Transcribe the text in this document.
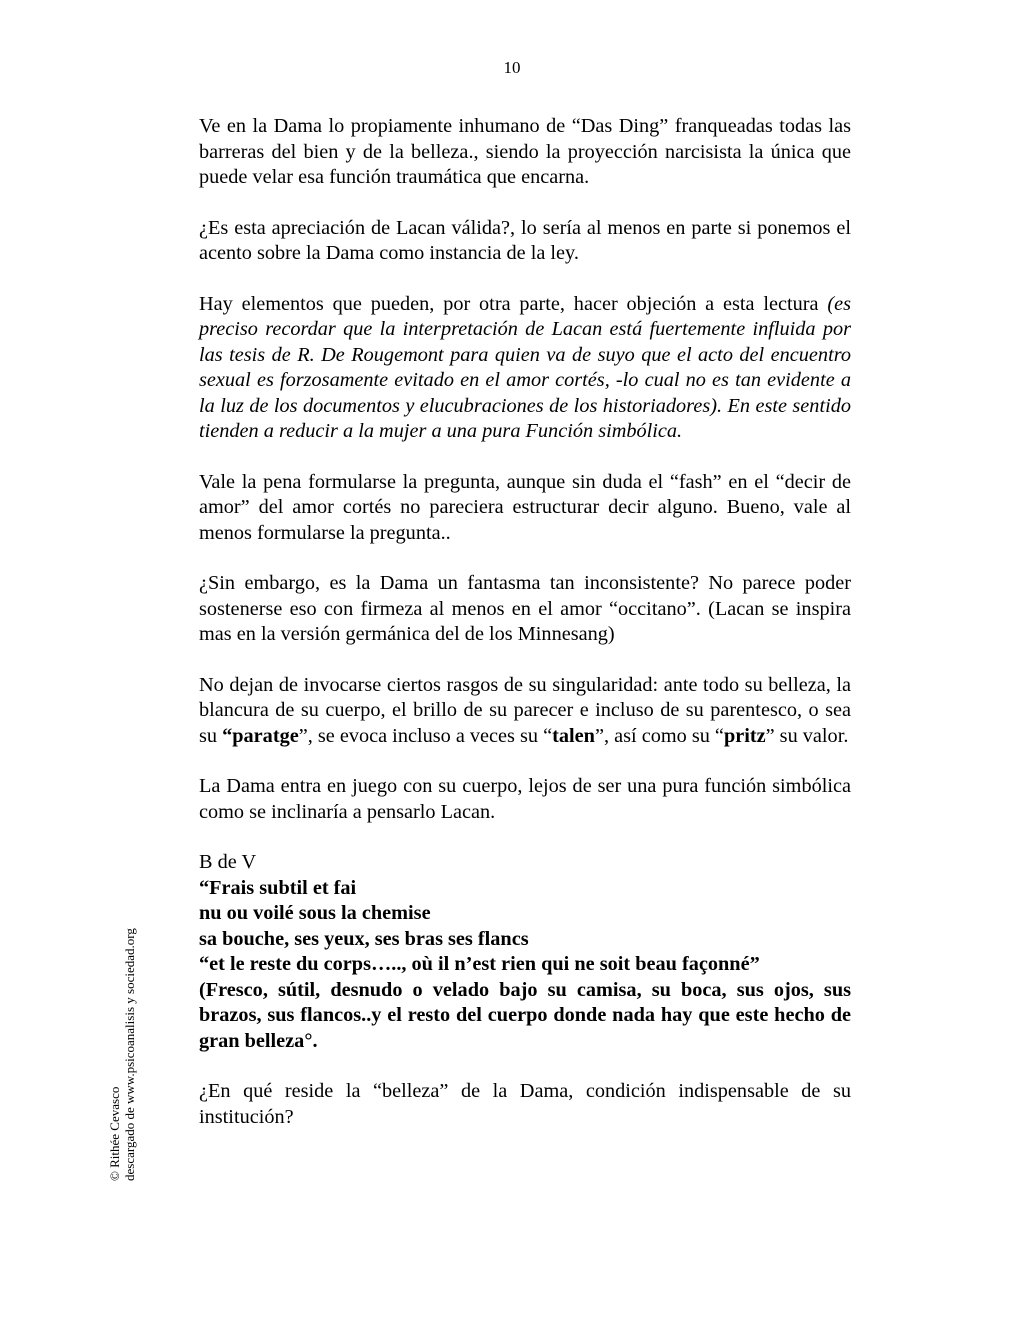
10

Ve en la Dama lo propiamente inhumano de “Das Ding” franqueadas todas las barreras del bien y de la belleza., siendo la proyección narcisista la única que puede velar esa función traumática que encarna.

¿Es esta apreciación de Lacan válida?, lo sería al menos en parte si ponemos el acento sobre la Dama como instancia de la ley.

Hay elementos que pueden, por otra parte, hacer objeción a esta lectura (es preciso recordar que la interpretación de Lacan está fuertemente influida por las tesis de R. De Rougemont para quien va de suyo que el acto del encuentro sexual es forzosamente evitado en el amor cortés, -lo cual no es tan evidente a la luz de los documentos y elucubraciones de los historiadores). En este sentido tienden a reducir a la mujer a una pura Función simbólica.

Vale la pena formularse la pregunta, aunque sin duda el “fash” en el “decir de amor” del amor cortés no pareciera estructurar decir alguno. Bueno, vale al menos formularse la pregunta..

¿Sin embargo, es la Dama un fantasma tan inconsistente? No parece poder sostenerse eso con firmeza al menos en el amor “occitano”. (Lacan se inspira mas en la versión germánica del de los Minnesang)

No dejan de invocarse ciertos rasgos de su singularidad: ante todo su belleza, la blancura de su cuerpo, el brillo de su parecer e incluso de su parentesco, o sea su “paratge”, se evoca incluso a veces su “talen”, así como su “pritz” su valor.

La Dama entra en juego con su cuerpo, lejos de ser una pura función simbólica como se inclinaría a pensarlo Lacan.

B de V
“Frais subtil et fai
nu ou voilé sous la chemise
sa bouche, ses yeux, ses bras ses flancs
“et le reste du corps….., où il n’est rien qui ne soit beau façonné”
(Fresco, sútil, desnudo o velado bajo su camisa, su boca, sus ojos, sus brazos, sus flancos..y el resto del cuerpo donde nada hay que este hecho de gran belleza°.

¿En qué reside la “belleza” de la Dama, condición indispensable de su institución?

© Rithée Cevasco descargado de www.psicoanalisis y sociedad.org
